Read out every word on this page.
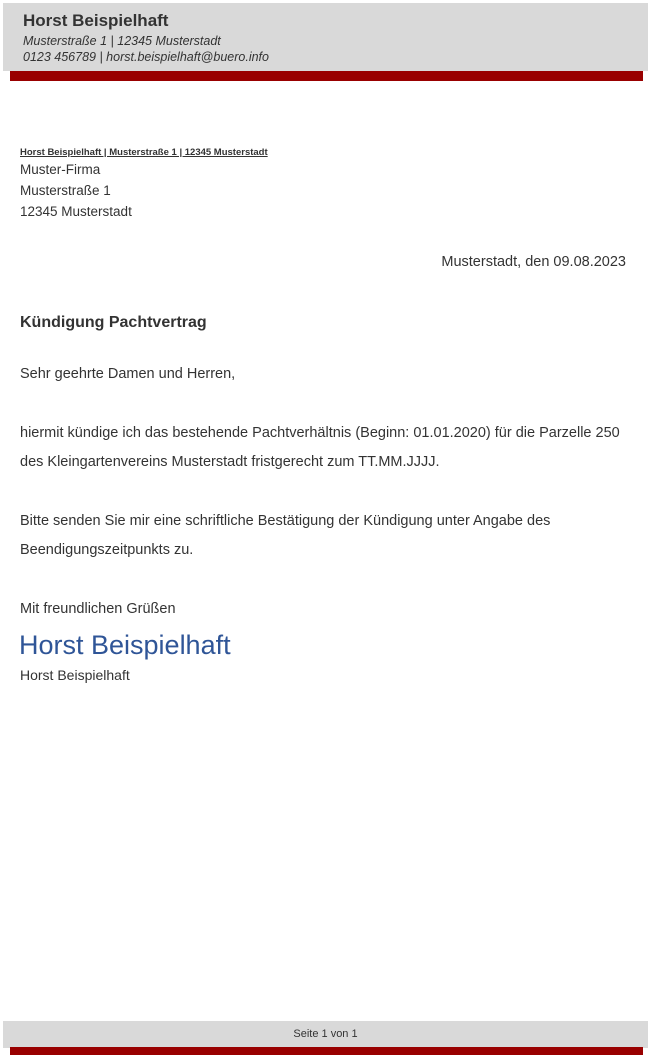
Horst Beispielhaft
Musterstraße 1 | 12345 Musterstadt
0123 456789 | horst.beispielhaft@buero.info
Horst Beispielhaft | Musterstraße 1 | 12345 Musterstadt
Muster-Firma
Musterstraße 1
12345 Musterstadt
Musterstadt, den 09.08.2023
Kündigung Pachtvertrag
Sehr geehrte Damen und Herren,
hiermit kündige ich das bestehende Pachtverhältnis (Beginn: 01.01.2020) für die Parzelle 250 des Kleingartenvereins Musterstadt fristgerecht zum TT.MM.JJJJ.
Bitte senden Sie mir eine schriftliche Bestätigung der Kündigung unter Angabe des Beendigungszeitpunkts zu.
Mit freundlichen Grüßen
Horst Beispielhaft
Horst Beispielhaft
Seite 1 von 1
